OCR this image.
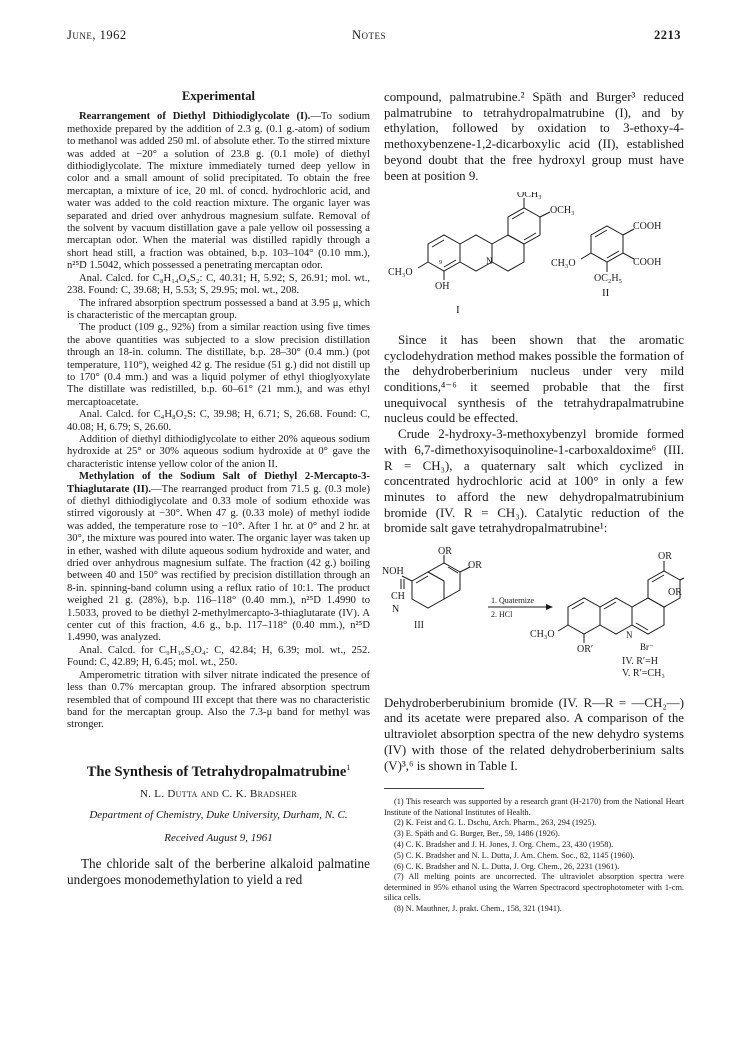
June, 1962	Notes	2213
Experimental

Rearrangement of Diethyl Dithiodiglycolate (I).—To sodium methoxide prepared by the addition of 2.3 g. (0.1 g.-atom) of sodium to methanol was added 250 ml. of absolute ether. To the stirred mixture was added at −20° a solution of 23.8 g. (0.1 mole) of diethyl dithiodiglycolate. The mixture immediately turned deep yellow in color and a small amount of solid precipitated. To obtain the free mercaptan, a mixture of ice, 20 ml. of concd. hydrochloric acid, and water was added to the cold reaction mixture. The organic layer was separated and dried over anhydrous magnesium sulfate. Removal of the solvent by vacuum distillation gave a pale yellow oil possessing a mercaptan odor. When the material was distilled rapidly through a short head still, a fraction was obtained, b.p. 103–104° (0.10 mm.), n²⁵D 1.5042, which possessed a penetrating mercaptan odor.

Anal. Calcd. for C₈H₁₄O₄S₂: C, 40.31; H, 5.92; S, 26.91; mol. wt., 238. Found: C, 39.68; H, 5.53; S, 29.95; mol. wt., 208.

The infrared absorption spectrum possessed a band at 3.95 μ, which is characteristic of the mercaptan group.

The product (109 g., 92%) from a similar reaction using five times the above quantities was subjected to a slow precision distillation through an 18-in. column. The distillate, b.p. 28–30° (0.4 mm.) (pot temperature, 110°), weighed 42 g. The residue (51 g.) did not distill up to 170° (0.4 mm.) and was a liquid polymer of ethyl thioglyoxylate The distillate was redistilled, b.p. 60–61° (21 mm.), and was ethyl mercaptoacetate.

Anal. Calcd. for C₄H₈O₂S: C, 39.98; H, 6.71; S, 26.68. Found: C, 40.08; H, 6.79; S, 26.60.

Addition of diethyl dithiodiglycolate to either 20% aqueous sodium hydroxide at 25° or 30% aqueous sodium hydroxide at 0° gave the characteristic intense yellow color of the anion II.

Methylation of the Sodium Salt of Diethyl 2-Mercapto-3-Thiaglutarate (II).—The rearranged product from 71.5 g. (0.3 mole) of diethyl dithiodiglycolate and 0.33 mole of sodium ethoxide was stirred vigorously at −30°. When 47 g. (0.33 mole) of methyl iodide was added, the temperature rose to −10°. After 1 hr. at 0° and 2 hr. at 30°, the mixture was poured into water. The organic layer was taken up in ether, washed with dilute aqueous sodium hydroxide and water, and dried over anhydrous magnesium sulfate. The fraction (42 g.) boiling between 40 and 150° was rectified by precision distillation through an 8-in. spinning-band column using a reflux ratio of 10:1. The product weighed 21 g. (28%), b.p. 116–118° (0.40 mm.), n²⁵D 1.4990 to 1.5033, proved to be diethyl 2-methylmercapto-3-thiaglutarate (IV). A center cut of this fraction, 4.6 g., b.p. 117–118° (0.40 mm.), n²⁵D 1.4990, was analyzed.

Anal. Calcd. for C₉H₁₆S₂O₄: C, 42.84; H, 6.39; mol. wt., 252. Found: C, 42.89; H, 6.45; mol. wt., 250.

Amperometric titration with silver nitrate indicated the presence of less than 0.7% mercaptan group. The infrared absorption spectrum resembled that of compound III except that there was no characteristic band for the mercaptan group. Also the 7.3-μ band for methyl was stronger.

The Synthesis of Tetrahydropalmatrubine$^1$
N. L. Dutta and C. K. Bradsher
Department of Chemistry, Duke University, Durham, N. C.
Received August 9, 1961

The chloride salt of the berberine alkaloid palmatine undergoes monodemethylation to yield a red

compound, palmatrubine.² Späth and Burger³ reduced palmatrubine to tetrahydropalmatrubine (I), and by ethylation, followed by oxidation to 3-ethoxy-4-methoxybenzene-1,2-dicarboxylic acid (II), established beyond doubt that the free hydroxyl group must have been at position 9.

OCH₃
OCH₃
CH₃O
OH
N
9
I
COOH
COOH
CH₃O
OC₂H₅
II

Since it has been shown that the aromatic cyclodehydration method makes possible the formation of the dehydroberberinium nucleus under very mild conditions,⁴⁻⁶ it seemed probable that the first unequivocal synthesis of the tetrahydrapalmatrubine nucleus could be effected.

Crude 2-hydroxy-3-methoxybenzyl bromide formed with 6,7-dimethoxyisoquinoline-1-carboxaldoxime⁶ (III. R = CH₃), a quaternary salt which cyclized in concentrated hydrochloric acid at 100° in only a few minutes to afford the new dehydropalmatrubinium bromide (IV. R = CH₃). Catalytic reduction of the bromide salt gave tetrahydropalmatrubine¹:

OR
OR
NOH
CH
N
III
1. Quaternize
2. HCl
OR
OR
CH₃O
OR′
N
Br⁻
IV. R′=H
V. R′=CH₃

Dehydroberberubinium bromide (IV. R—R = —CH₂—) and its acetate were prepared also. A comparison of the ultraviolet absorption spectra of the new dehydro systems (IV) with those of the related dehydroberberinium salts (V)³,⁶ is shown in Table I.

(1) This research was supported by a research grant (H-2170) from the National Heart Institute of the National Institutes of Health.

(2) K. Feist and G. L. Dschu, Arch. Pharm., 263, 294 (1925).

(3) E. Späth and G. Burger, Ber., 59, 1486 (1926).

(4) C. K. Bradsher and J. H. Jones, J. Org. Chem., 23, 430 (1958).

(5) C. K. Bradsher and N. L. Dutta, J. Am. Chem. Soc., 82, 1145 (1960).

(6) C. K. Bradsher and N. L. Dutta, J. Org. Chem., 26, 2231 (1961).

(7) All melting points are uncorrected. The ultraviolet absorption spectra were determined in 95% ethanol using the Warren Spectracord spectrophotometer with 1-cm. silica cells.

(8) N. Mauthner, J. prakt. Chem., 158, 321 (1941).
